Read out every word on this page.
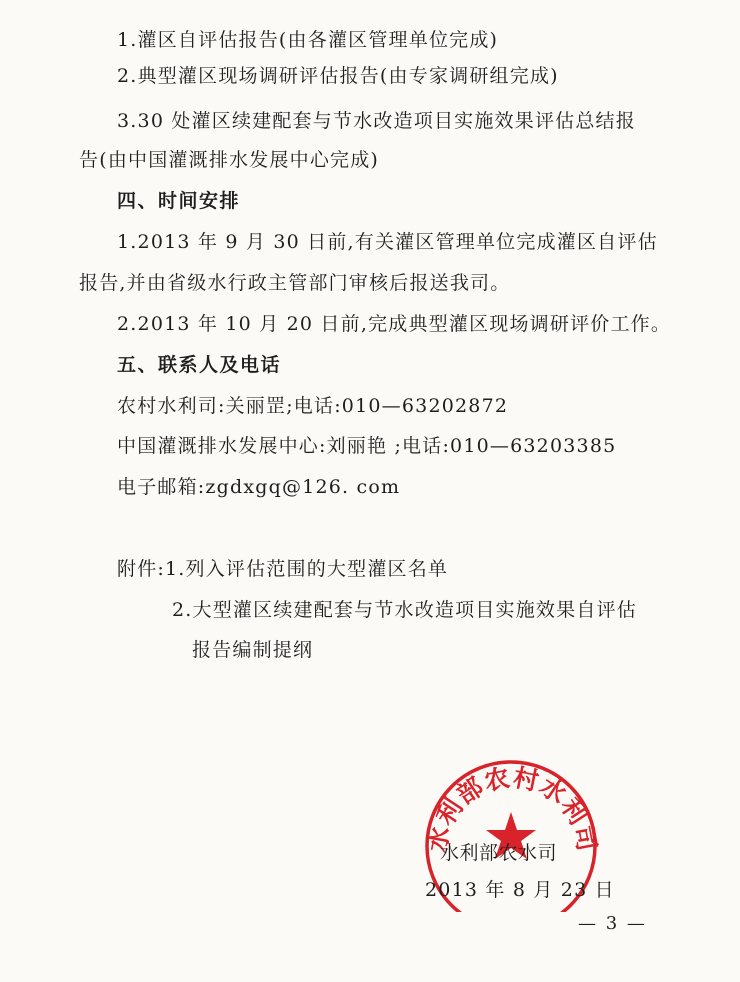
1.灌区自评估报告(由各灌区管理单位完成)
2.典型灌区现场调研评估报告(由专家调研组完成)
3.30 处灌区续建配套与节水改造项目实施效果评估总结报
告(由中国灌溉排水发展中心完成)
四、时间安排
1.2013 年 9 月 30 日前,有关灌区管理单位完成灌区自评估
报告,并由省级水行政主管部门审核后报送我司。
2.2013 年 10 月 20 日前,完成典型灌区现场调研评价工作。
五、联系人及电话
农村水利司:关丽罡;电话:010—63202872
中国灌溉排水发展中心:刘丽艳 ;电话:010—63203385
电子邮箱:zgdxgq@126. com
附件:1.列入评估范围的大型灌区名单
2.大型灌区续建配套与节水改造项目实施效果自评估
报告编制提纲
水利部农村水利司
水利部农水司
2013 年 8 月 23 日
— 3 —
